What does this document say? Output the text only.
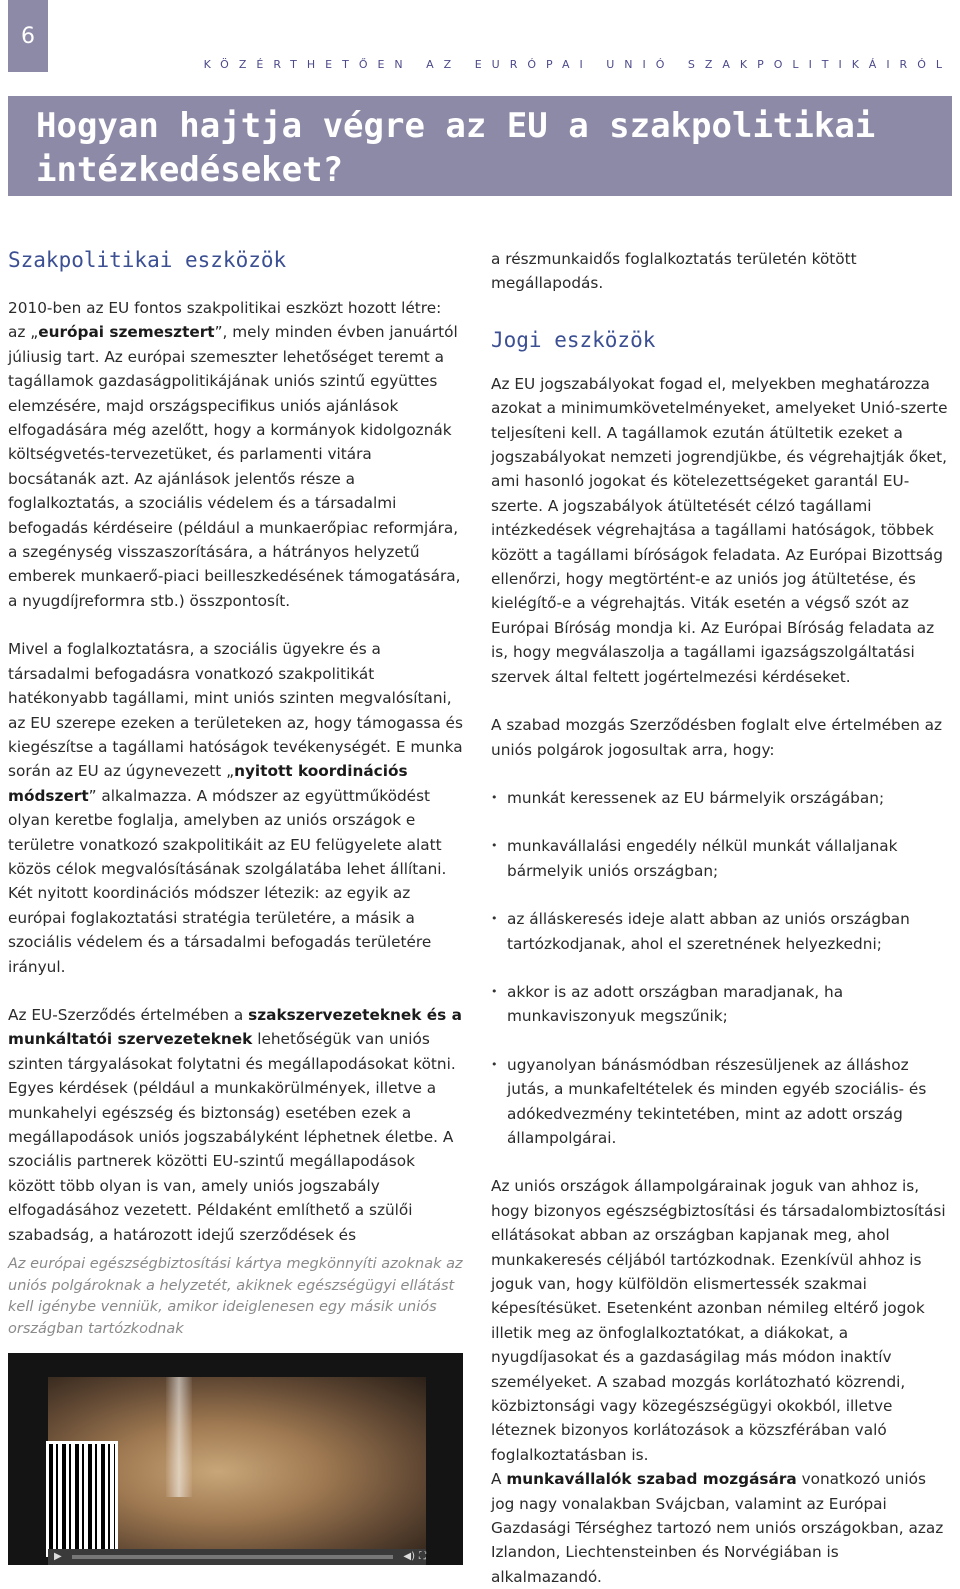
6
KÖZÉRTHETŐEN AZ EURÓPAI UNIÓ SZAKPOLITIKÁIRÓL
Hogyan hajtja végre az EU a szakpolitikai
intézkedéseket?
Szakpolitikai eszközök

2010-ben az EU fontos szakpolitikai eszközt hozott létre: az „európai szemesztert”, mely minden évben januártól júliusig tart. Az európai szemeszter lehetőséget teremt a tagállamok gazdaságpolitikájának uniós szintű együttes elemzésére, majd országspecifikus uniós ajánlások elfogadására még azelőtt, hogy a kormányok kidolgoznák költségvetés-tervezetüket, és parlamenti vitára bocsátanák azt. Az ajánlások jelentős része a foglalkoztatás, a szociális védelem és a társadalmi befogadás kérdéseire (például a munkaerőpiac reformjára, a szegénység visszaszorítására, a hátrányos helyzetű emberek munkaerő-piaci beilleszkedésének támogatására, a nyugdíjreformra stb.) összpontosít.

Mivel a foglalkoztatásra, a szociális ügyekre és a társadalmi befogadásra vonatkozó szakpolitikát hatékonyabb tagállami, mint uniós szinten megvalósítani, az EU szerepe ezeken a területeken az, hogy támogassa és kiegészítse a tagállami hatóságok tevékenységét. E munka során az EU az úgynevezett „nyitott koordinációs módszert” alkalmazza. A módszer az együttműködést olyan keretbe foglalja, amelyben az uniós országok e területre vonatkozó szakpolitikáit az EU felügyelete alatt közös célok megvalósításának szolgálatába lehet állítani. Két nyitott koordinációs módszer létezik: az egyik az európai foglakoztatási stratégia területére, a másik a szociális védelem és a társadalmi befogadás területére irányul.

Az EU-Szerződés értelmében a szakszervezeteknek és a munkáltatói szervezeteknek lehetőségük van uniós szinten tárgyalásokat folytatni és megállapodásokat kötni. Egyes kérdések (például a munkakörülmények, illetve a munkahelyi egészség és biztonság) esetében ezek a megállapodások uniós jogszabályként léphetnek életbe. A szociális partnerek közötti EU-szintű megállapodások között több olyan is van, amely uniós jogszabály elfogadásához vezetett. Példaként említhető a szülői szabadság, a határozott idejű szerződések és

Az európai egészségbiztosítási kártya megkönnyíti azoknak az uniós polgároknak a helyzetét, akiknek egészségügyi ellátást kell igénybe venniük, amikor ideiglenesen egy másik uniós országban tartózkodnak
▶	◀) ⛶

a részmunkaidős foglalkoztatás területén kötött megállapodás.

Jogi eszközök

Az EU jogszabályokat fogad el, melyekben meghatározza azokat a minimumkövetelményeket, amelyeket Unió-szerte teljesíteni kell. A tagállamok ezután átültetik ezeket a jogszabályokat nemzeti jogrendjükbe, és végrehajtják őket, ami hasonló jogokat és kötelezettségeket garantál EU-szerte. A jogszabályok átültetését célzó tagállami intézkedések végrehajtása a tagállami hatóságok, többek között a tagállami bíróságok feladata. Az Európai Bizottság ellenőrzi, hogy megtörtént-e az uniós jog átültetése, és kielégítő-e a végrehajtás. Viták esetén a végső szót az Európai Bíróság mondja ki. Az Európai Bíróság feladata az is, hogy megválaszolja a tagállami igazságszolgáltatási szervek által feltett jogértelmezési kérdéseket.

A szabad mozgás Szerződésben foglalt elve értelmében az uniós polgárok jogosultak arra, hogy:

• munkát keressenek az EU bármelyik országában;
• munkavállalási engedély nélkül munkát vállaljanak bármelyik uniós országban;
• az álláskeresés ideje alatt abban az uniós országban tartózkodjanak, ahol el szeretnének helyezkedni;
• akkor is az adott országban maradjanak, ha munkaviszonyuk megszűnik;
• ugyanolyan bánásmódban részesüljenek az álláshoz jutás, a munkafeltételek és minden egyéb szociális- és adókedvezmény tekintetében, mint az adott ország állampolgárai.

Az uniós országok állampolgárainak joguk van ahhoz is, hogy bizonyos egészségbiztosítási és társadalombiztosítási ellátásokat abban az országban kapjanak meg, ahol munkakeresés céljából tartózkodnak. Ezenkívül ahhoz is joguk van, hogy külföldön elismertessék szakmai képesítésüket. Esetenként azonban némileg eltérő jogok illetik meg az önfoglalkoztatókat, a diákokat, a nyugdíjasokat és a gazdaságilag más módon inaktív személyeket. A szabad mozgás korlátozható közrendi, közbiztonsági vagy közegészségügyi okokból, illetve léteznek bizonyos korlátozások a közszférában való foglalkoztatásban is.

A munkavállalók szabad mozgására vonatkozó uniós jog nagy vonalakban Svájcban, valamint az Európai Gazdasági Térséghez tartozó nem uniós országokban, azaz Izlandon, Liechtensteinben és Norvégiában is alkalmazandó.
